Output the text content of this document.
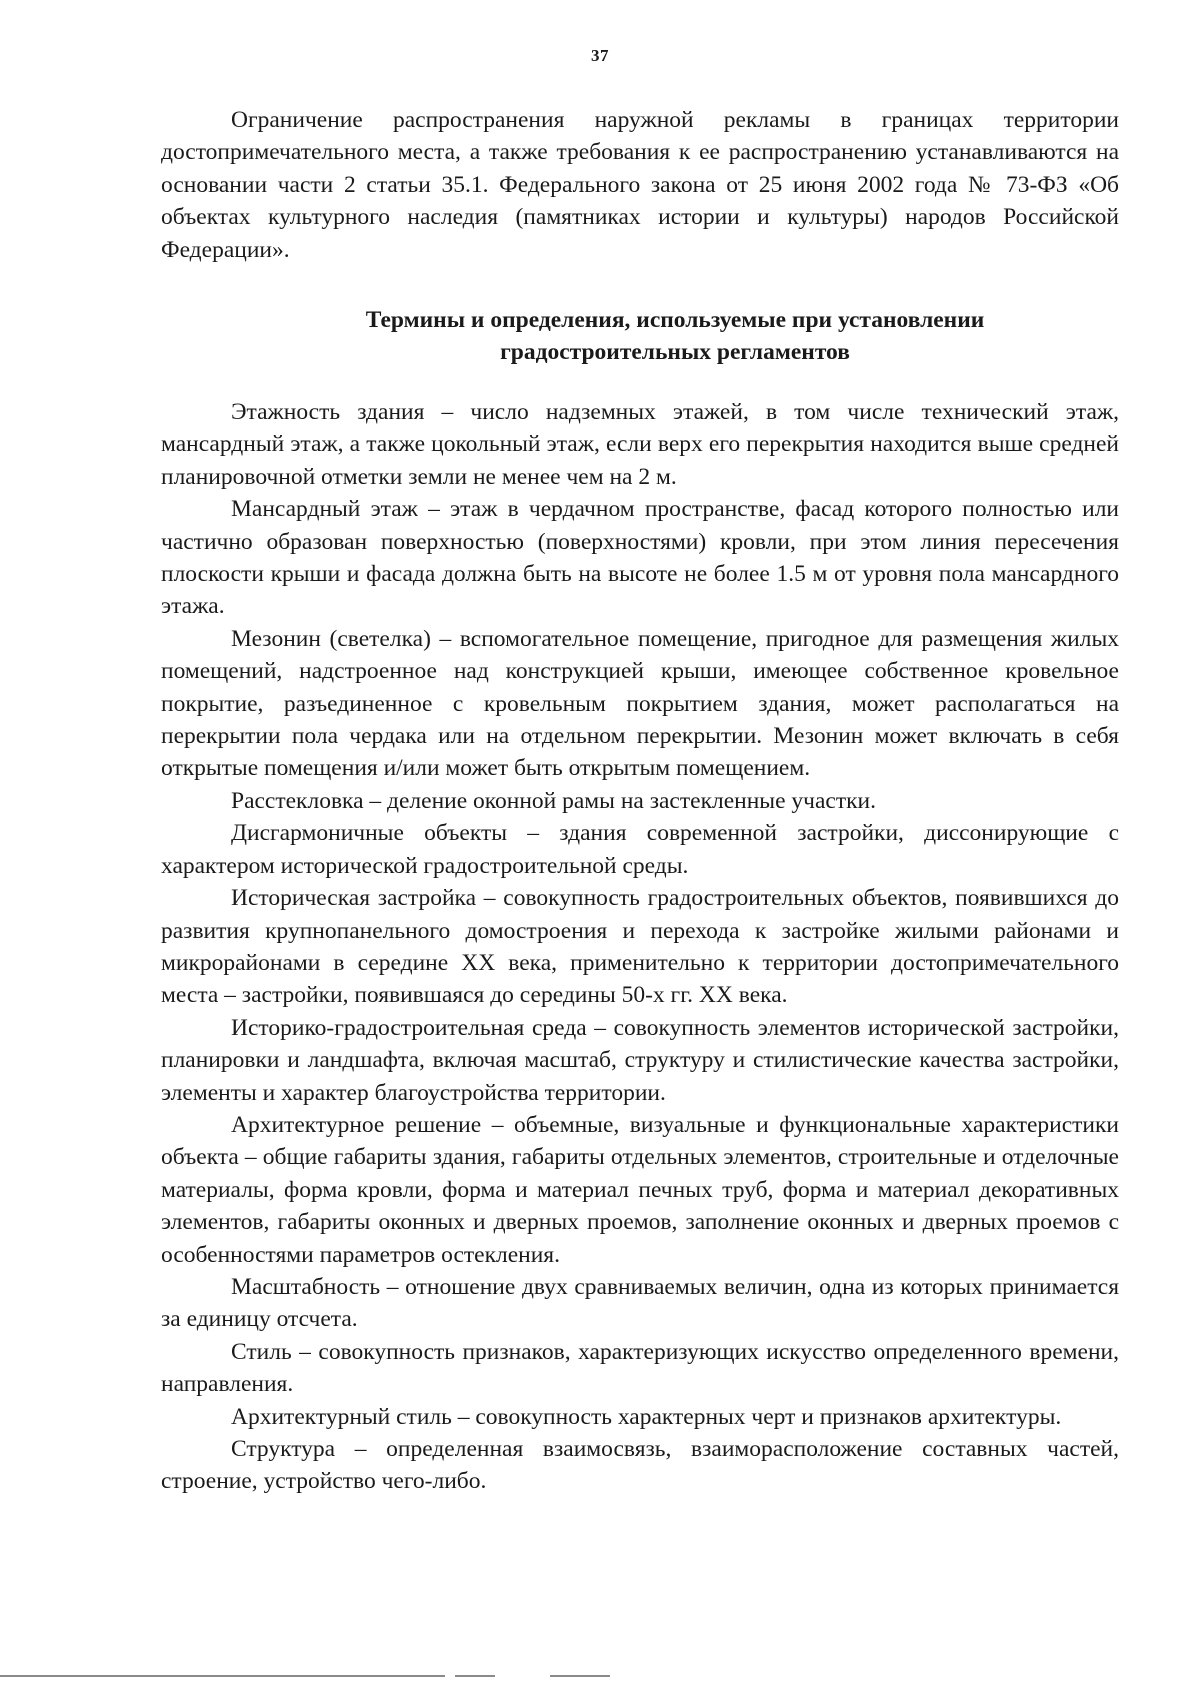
37

Ограничение распространения наружной рекламы в границах территории достопримечательного места, а также требования к ее распространению устанавливаются на основании части 2 статьи 35.1. Федерального закона от 25 июня 2002 года № 73-ФЗ «Об объектах культурного наследия (памятниках истории и культуры) народов Российской Федерации».

Термины и определения, используемые при установлении
градостроительных регламентов

Этажность здания – число надземных этажей, в том числе технический этаж, мансардный этаж, а также цокольный этаж, если верх его перекрытия находится выше средней планировочной отметки земли не менее чем на 2 м.

Мансардный этаж – этаж в чердачном пространстве, фасад которого полностью или частично образован поверхностью (поверхностями) кровли, при этом линия пересечения плоскости крыши и фасада должна быть на высоте не более 1.5 м от уровня пола мансардного этажа.

Мезонин (светелка) – вспомогательное помещение, пригодное для размещения жилых помещений, надстроенное над конструкцией крыши, имеющее собственное кровельное покрытие, разъединенное с кровельным покрытием здания, может располагаться на перекрытии пола чердака или на отдельном перекрытии. Мезонин может включать в себя открытые помещения и/или может быть открытым помещением.

Расстекловка – деление оконной рамы на застекленные участки.

Дисгармоничные объекты – здания современной застройки, диссонирующие с характером исторической градостроительной среды.

Историческая застройка – совокупность градостроительных объектов, появившихся до развития крупнопанельного домостроения и перехода к застройке жилыми районами и микрорайонами в середине XX века, применительно к территории достопримечательного места – застройки, появившаяся до середины 50-х гг. XX века.

Историко-градостроительная среда – совокупность элементов исторической застройки, планировки и ландшафта, включая масштаб, структуру и стилистические качества застройки, элементы и характер благоустройства территории.

Архитектурное решение – объемные, визуальные и функциональные характеристики объекта – общие габариты здания, габариты отдельных элементов, строительные и отделочные материалы, форма кровли, форма и материал печных труб, форма и материал декоративных элементов, габариты оконных и дверных проемов, заполнение оконных и дверных проемов с особенностями параметров остекления.

Масштабность – отношение двух сравниваемых величин, одна из которых принимается за единицу отсчета.

Стиль – совокупность признаков, характеризующих искусство определенного времени, направления.

Архитектурный стиль – совокупность характерных черт и признаков архитектуры.

Структура – определенная взаимосвязь, взаиморасположение составных частей, строение, устройство чего-либо.
